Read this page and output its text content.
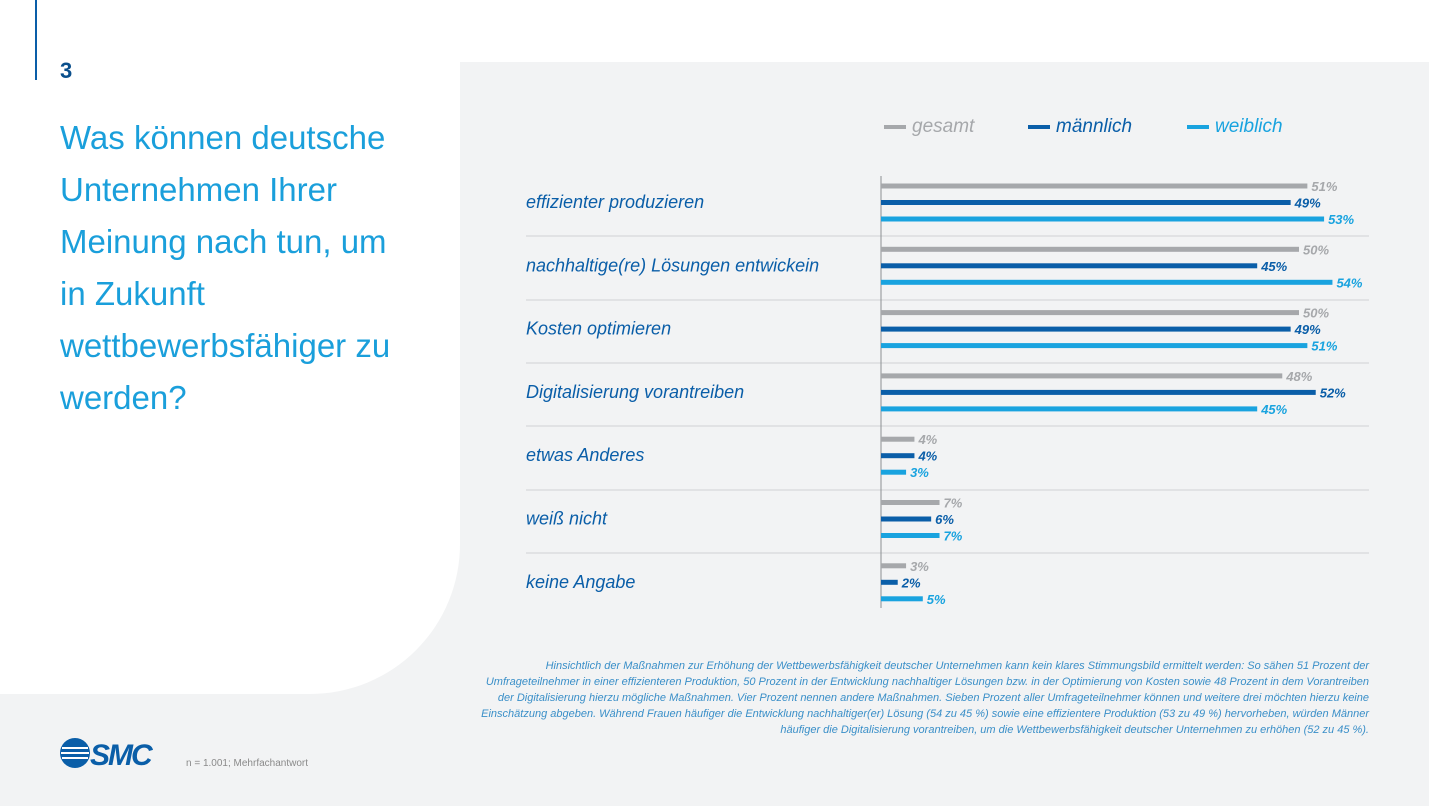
3
Was können deutsche Unternehmen Ihrer Meinung nach tun, um in Zukunft wettbewerbsfähiger zu werden?
gesamt	männlich	weiblich
effizienter produzieren
51%
49%
53%
nachhaltige(re) Lösungen entwickein
50%
45%
54%
Kosten optimieren
50%
49%
51%
Digitalisierung vorantreiben
48%
52%
45%
etwas Anderes
4%
4%
3%
weiß nicht
7%
6%
7%
keine Angabe
3%
2%
5%
Hinsichtlich der Maßnahmen zur Erhöhung der Wettbewerbsfähigkeit deutscher Unternehmen kann kein klares Stimmungsbild ermittelt werden: So sähen 51 Prozent der Umfrageteilnehmer in einer effizienteren Produktion, 50 Prozent in der Entwicklung nachhaltiger Lösungen bzw. in der Optimierung von Kosten sowie 48 Prozent in dem Vorantreiben der Digitalisierung hierzu mögliche Maßnahmen. Vier Prozent nennen andere Maßnahmen. Sieben Prozent aller Umfrageteilnehmer können und weitere drei möchten hierzu keine Einschätzung abgeben. Während Frauen häufiger die Entwicklung nachhaltiger(er) Lösung (54 zu 45 %) sowie eine effizientere Produktion (53 zu 49 %) hervorheben, würden Männer häufiger die Digitalisierung vorantreiben, um die Wettbewerbsfähigkeit deutscher Unternehmen zu erhöhen (52 zu 45 %).
SMC	n = 1.001; Mehrfachantwort
